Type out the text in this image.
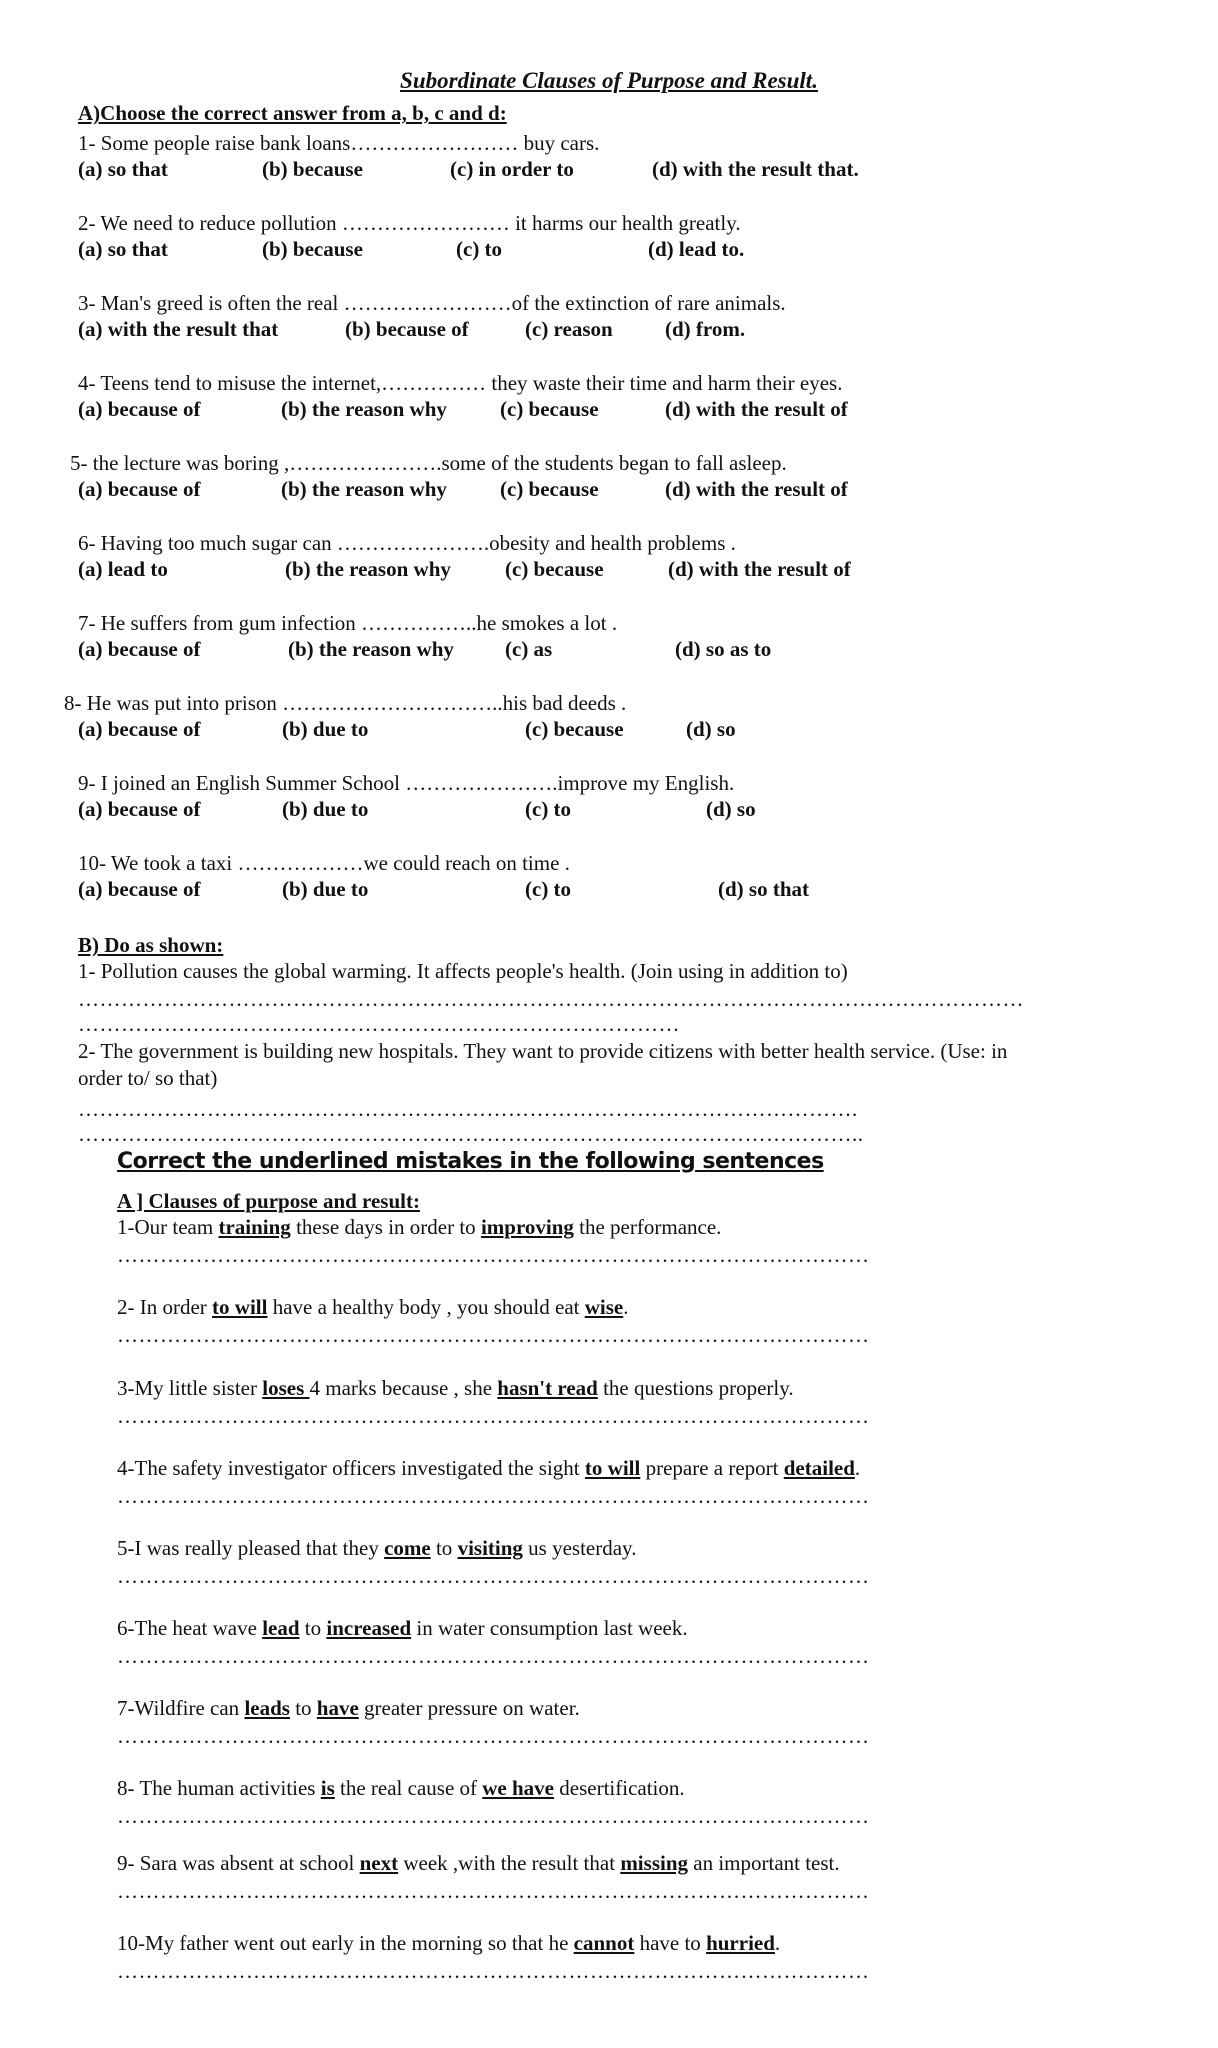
Subordinate Clauses of Purpose and Result.
A)Choose the correct answer from a, b, c and d:
1- Some people raise bank loans…………………… buy cars.
(a) so that	(b) because	(c) in order to	(d) with the result that.
2- We need to reduce pollution …………………… it harms our health greatly.
(a) so that	(b) because	(c) to	(d) lead to.
3- Man's greed is often the real ……………………of the extinction of rare animals.
(a) with the result that	(b) because of	(c) reason (d) from.
4- Teens tend to misuse the internet,…………… they waste their time and harm their eyes.
(a) because of	(b) the reason why	(c) because	(d) with the result of
5- the lecture was boring ,………………….some of the students began to fall asleep.
(a) because of	(b) the reason why	(c) because	(d) with the result of
6- Having too much sugar can ………………….obesity and health problems .
(a) lead to	(b) the reason why	(c) because	(d) with the result of
7- He suffers from gum infection ……………..he smokes a lot .
(a) because of	(b) the reason why (c) as	(d) so as to
8- He was put into prison …………………………..his bad deeds .
(a) because of	(b) due to	(c) because	(d) so
9- I joined an English Summer School ………………….improve my English.
(a) because of	(b) due to	(c) to	(d) so
10- We took a taxi ………………we could reach on time .
(a) because of	(b) due to	(c) to	(d) so that
B) Do as shown:
1- Pollution causes the global warming. It affects people's health. (Join using in addition to)
……………………………………………………………………………………………………………………
…………………………………………………………………………
2- The government is building new hospitals. They want to provide citizens with better health service. (Use: in
order to/ so that)
……………………………………………………………………………………………….
………………………………………………………………………………………………..
Correct the underlined mistakes in the following sentences
A ] Clauses of purpose and result:
1-Our team training these days in order to improving the performance.
……………………………………………………………………………………………
2- In order to will have a healthy body , you should eat wise.
……………………………………………………………………………………………
3-My little sister loses 4 marks because , she hasn't read the questions properly.
……………………………………………………………………………………………
4-The safety investigator officers investigated the sight to will prepare a report detailed.
……………………………………………………………………………………………
5-I was really pleased that they come to visiting us yesterday.
……………………………………………………………………………………………
6-The heat wave lead to increased in water consumption last week.
……………………………………………………………………………………………
7-Wildfire can leads to have greater pressure on water.
……………………………………………………………………………………………
8- The human activities is the real cause of we have desertification.
……………………………………………………………………………………………
9- Sara was absent at school next week ,with the result that missing an important test.
……………………………………………………………………………………………
10-My father went out early in the morning so that he cannot have to hurried.
……………………………………………………………………………………………
